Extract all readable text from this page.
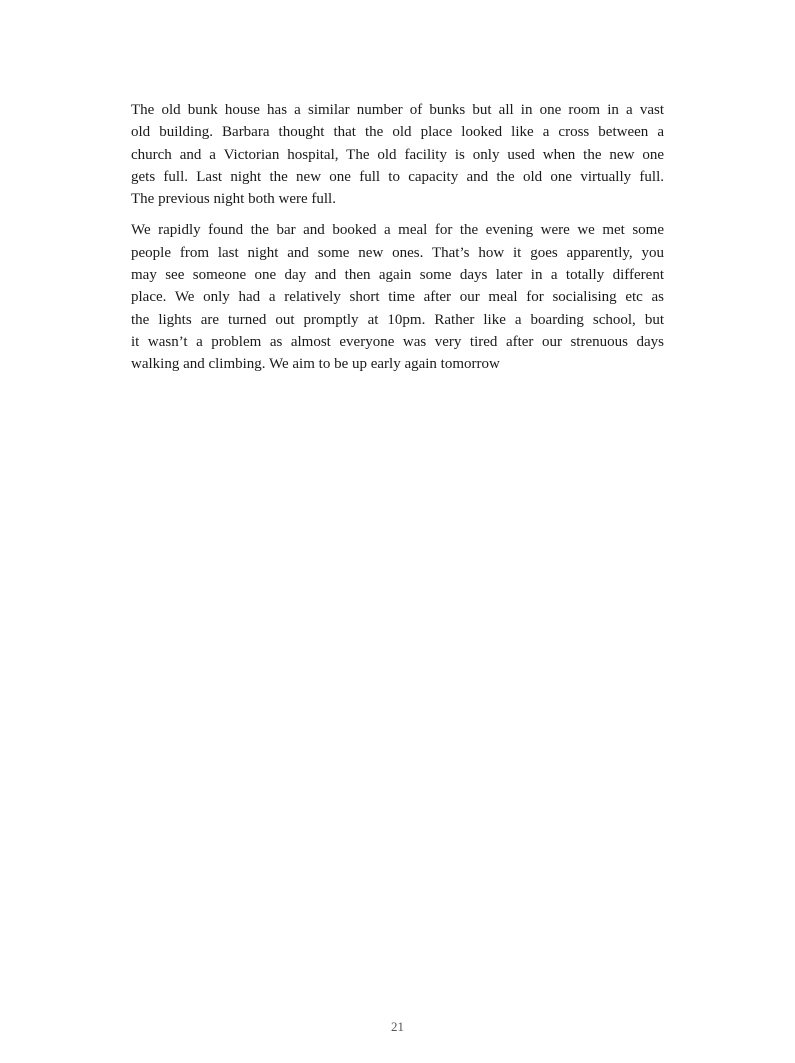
The old bunk house has a similar number of bunks but all in one room in a vast
old building. Barbara thought that the old place looked like a cross between a
church and a Victorian hospital, The old facility is only used when the new one
gets full. Last night the new one full to capacity and the old one virtually full.
The previous night both were full.

We rapidly found the bar and booked a meal for the evening were we met some
people from last night and some new ones. That’s how it goes apparently, you
may see someone one day and then again some days later in a totally different
place. We only had a relatively short time after our meal for socialising etc as
the lights are turned out promptly at 10pm. Rather like a boarding school, but
it wasn’t a problem as almost everyone was very tired after our strenuous days
walking and climbing. We aim to be up early again tomorrow

21
